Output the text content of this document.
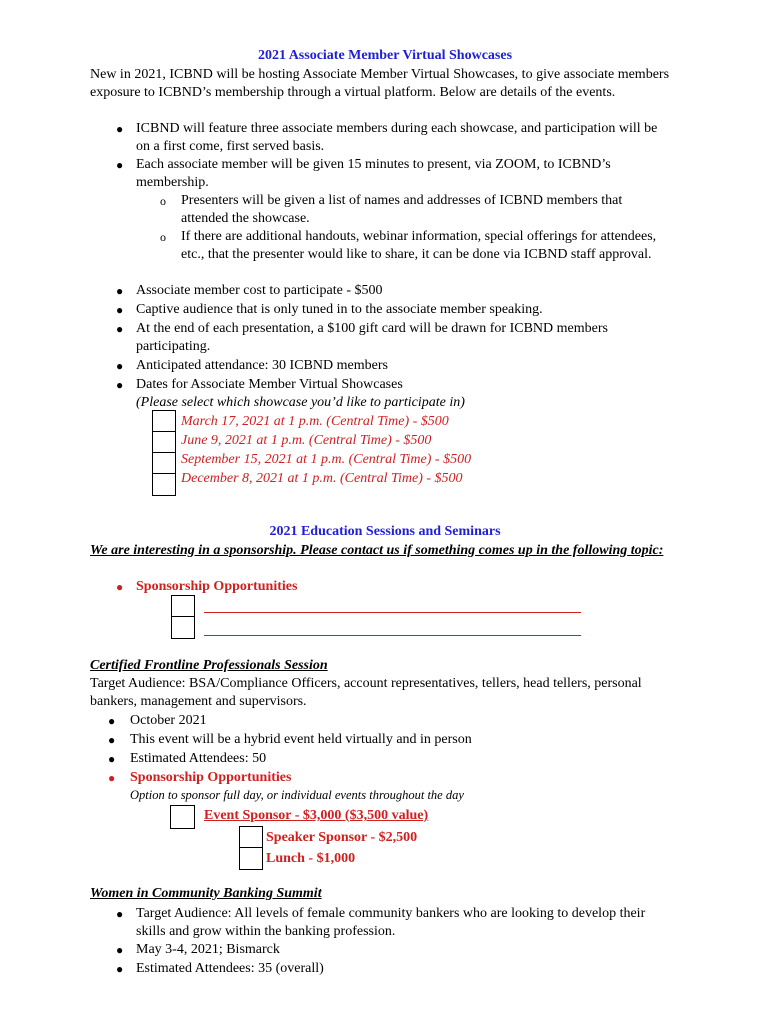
2021 Associate Member Virtual Showcases
New in 2021, ICBND will be hosting Associate Member Virtual Showcases, to give associate members exposure to ICBND’s membership through a virtual platform. Below are details of the events.
● ICBND will feature three associate members during each showcase, and participation will be on a first come, first served basis.
● Each associate member will be given 15 minutes to present, via ZOOM, to ICBND’s membership.
o Presenters will be given a list of names and addresses of ICBND members that attended the showcase.
o If there are additional handouts, webinar information, special offerings for attendees, etc., that the presenter would like to share, it can be done via ICBND staff approval.
● Associate member cost to participate - $500
● Captive audience that is only tuned in to the associate member speaking.
● At the end of each presentation, a $100 gift card will be drawn for ICBND members participating.
● Anticipated attendance: 30 ICBND members
● Dates for Associate Member Virtual Showcases
(Please select which showcase you’d like to participate in)
March 17, 2021 at 1 p.m. (Central Time) - $500
June 9, 2021 at 1 p.m. (Central Time) - $500
September 15, 2021 at 1 p.m. (Central Time) - $500
December 8, 2021 at 1 p.m. (Central Time) - $500
2021 Education Sessions and Seminars
We are interesting in a sponsorship. Please contact us if something comes up in the following topic:
● Sponsorship Opportunities
Certified Frontline Professionals Session
Target Audience: BSA/Compliance Officers, account representatives, tellers, head tellers, personal bankers, management and supervisors.
● October 2021
● This event will be a hybrid event held virtually and in person
● Estimated Attendees: 50
● Sponsorship Opportunities
Option to sponsor full day, or individual events throughout the day
Event Sponsor - $3,000 ($3,500 value)
Speaker Sponsor - $2,500
Lunch - $1,000
Women in Community Banking Summit
● Target Audience: All levels of female community bankers who are looking to develop their skills and grow within the banking profession.
● May 3-4, 2021; Bismarck
● Estimated Attendees: 35 (overall)
